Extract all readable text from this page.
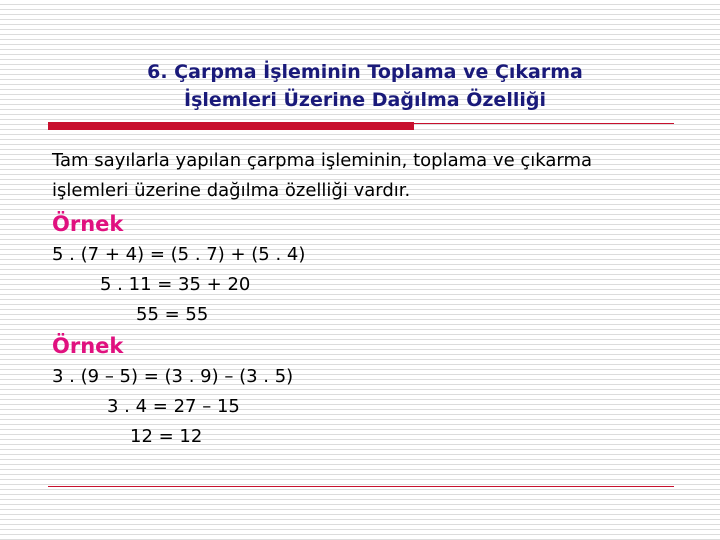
6. Çarpma İşleminin Toplama ve Çıkarma
İşlemleri Üzerine Dağılma Özelliği
Tam sayılarla yapılan çarpma işleminin, toplama ve çıkarma
işlemleri üzerine dağılma özelliği vardır.
Örnek
5 . (7 + 4) = (5 . 7) + (5 . 4)
5 . 11 = 35 + 20
55 = 55
Örnek
3 . (9 – 5) = (3 . 9) – (3 . 5)
3 . 4 = 27 – 15
12 = 12
